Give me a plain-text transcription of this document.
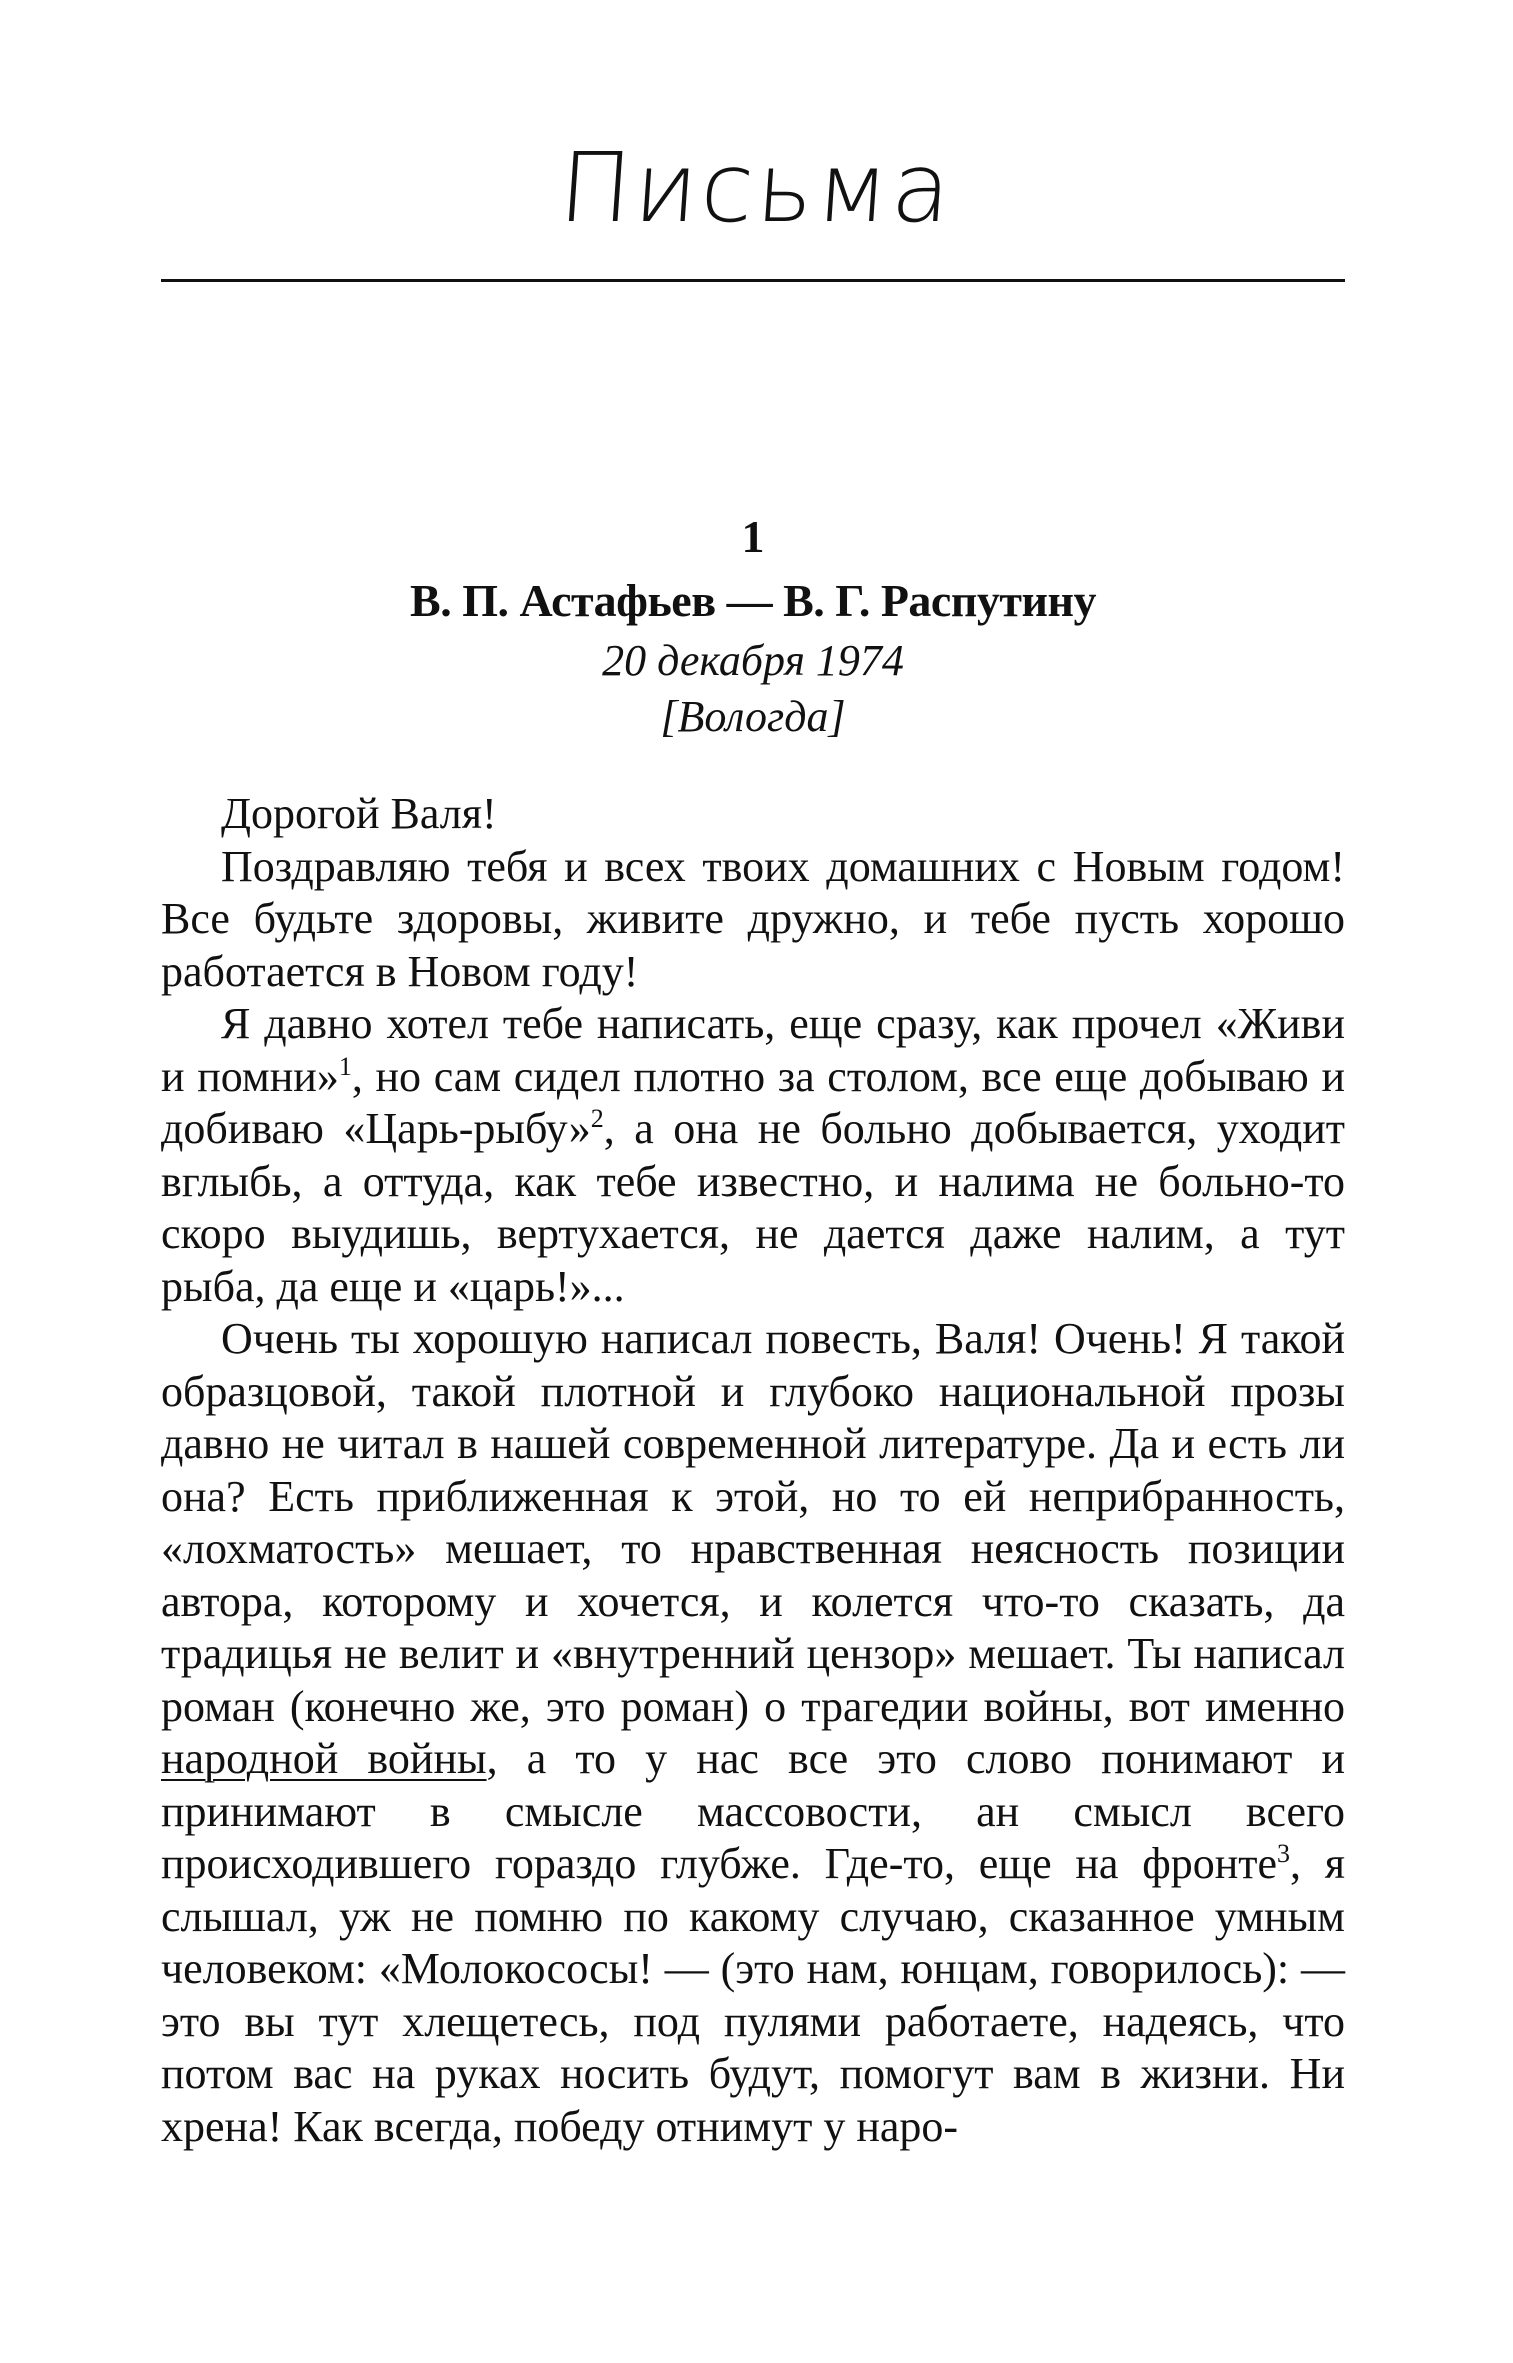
Письма
1
В. П. Астафьев — В. Г. Распутину
20 декабря 1974
[Вологда]

Дорогой Валя!

Поздравляю тебя и всех твоих домашних с Новым годом! Все будьте здоровы, живите дружно, и тебе пусть хорошо работается в Новом году!

Я давно хотел тебе написать, еще сразу, как прочел «Живи и помни»$^1$, но сам сидел плотно за столом, все еще добываю и добиваю «Царь-рыбу»$^2$, а она не больно добывается, уходит вглыбь, а оттуда, как тебе известно, и налима не больно-то скоро выудишь, вертухается, не дается даже налим, а тут рыба, да еще и «царь!»...

Очень ты хорошую написал повесть, Валя! Очень! Я такой образцовой, такой плотной и глубоко национальной прозы давно не читал в нашей современной литературе. Да и есть ли она? Есть приближенная к этой, но то ей неприбранность, «лохматость» мешает, то нравственная неясность позиции автора, которому и хочется, и колется что-то сказать, да традицья не велит и «внутренний цензор» мешает. Ты написал роман (конечно же, это роман) о трагедии войны, вот именно народной войны, а то у нас все это слово понимают и принимают в смысле массовости, ан смысл всего происходившего гораздо глубже. Где-то, еще на фронте$^3$, я слышал, уж не помню по какому случаю, сказанное умным человеком: «Молокососы! — (это нам, юнцам, говорилось): — это вы тут хлещетесь, под пулями работаете, надеясь, что потом вас на руках носить будут, помогут вам в жизни. Ни хрена! Как всегда, победу отнимут у наро-
